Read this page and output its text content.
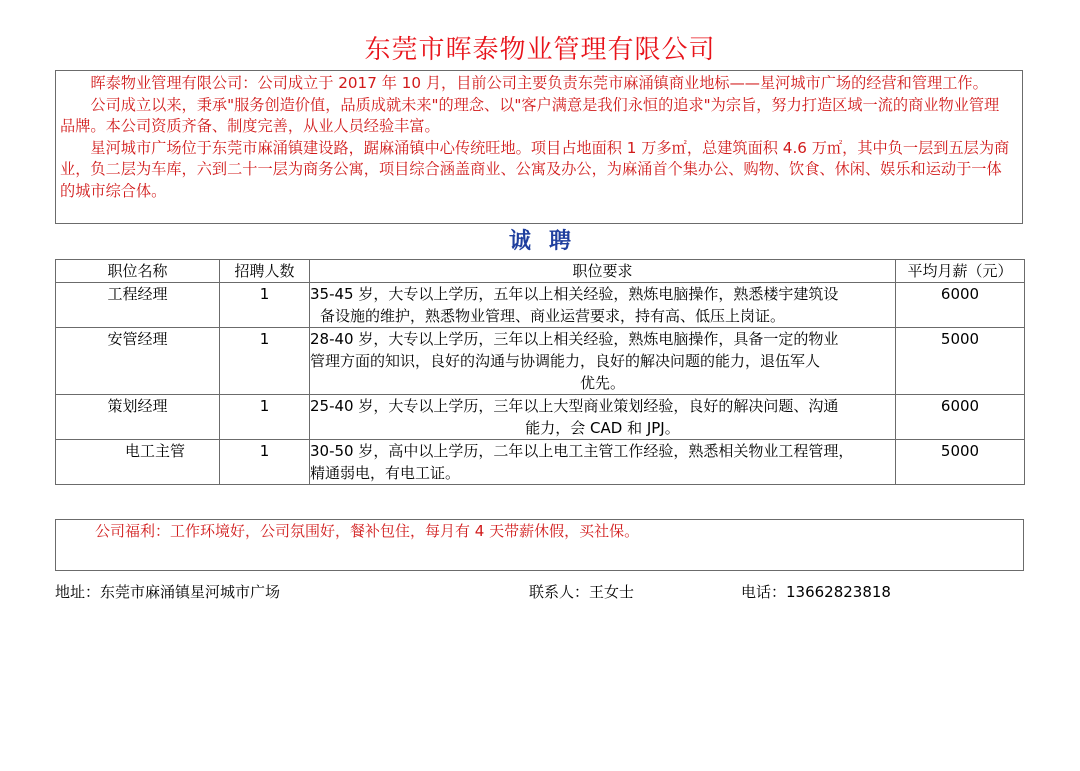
东莞市晖泰物业管理有限公司

晖泰物业管理有限公司：公司成立于 2017 年 10 月，目前公司主要负责东莞市麻涌镇商业地标——星河城市广场的经营和管理工作。

公司成立以来，秉承"服务创造价值，品质成就未来"的理念、以"客户满意是我们永恒的追求"为宗旨，努力打造区域一流的商业物业管理品牌。本公司资质齐备、制度完善，从业人员经验丰富。

星河城市广场位于东莞市麻涌镇建设路，踞麻涌镇中心传统旺地。项目占地面积 1 万多㎡，总建筑面积 4.6 万㎡，其中负一层到五层为商业，负二层为车库，六到二十一层为商务公寓，项目综合涵盖商业、公寓及办公，为麻涌首个集办公、购物、饮食、休闲、娱乐和运动于一体的城市综合体。

诚聘
职位名称	招聘人数	职位要求	平均月薪（元）
工程经理	1	35-45 岁，大专以上学历，五年以上相关经验，熟炼电脑操作，熟悉楼宇建筑设
备设施的维护，熟悉物业管理、商业运营要求，持有高、低压上岗证。	6000
安管经理	1	28-40 岁，大专以上学历，三年以上相关经验，熟炼电脑操作，具备一定的物业
管理方面的知识，良好的沟通与协调能力，良好的解决问题的能力，退伍军人
优先。	5000
策划经理	1	25-40 岁，大专以上学历，三年以上大型商业策划经验，良好的解决问题、沟通
能力，会 CAD 和 JPJ。	6000
电工主管	1	30-50 岁，高中以上学历，二年以上电工主管工作经验，熟悉相关物业工程管理，
精通弱电，有电工证。	5000
公司福利：工作环境好，公司氛围好，餐补包住，每月有 4 天带薪休假，买社保。
地址：东莞市麻涌镇星河城市广场	联系人：王女士	电话：13662823818
